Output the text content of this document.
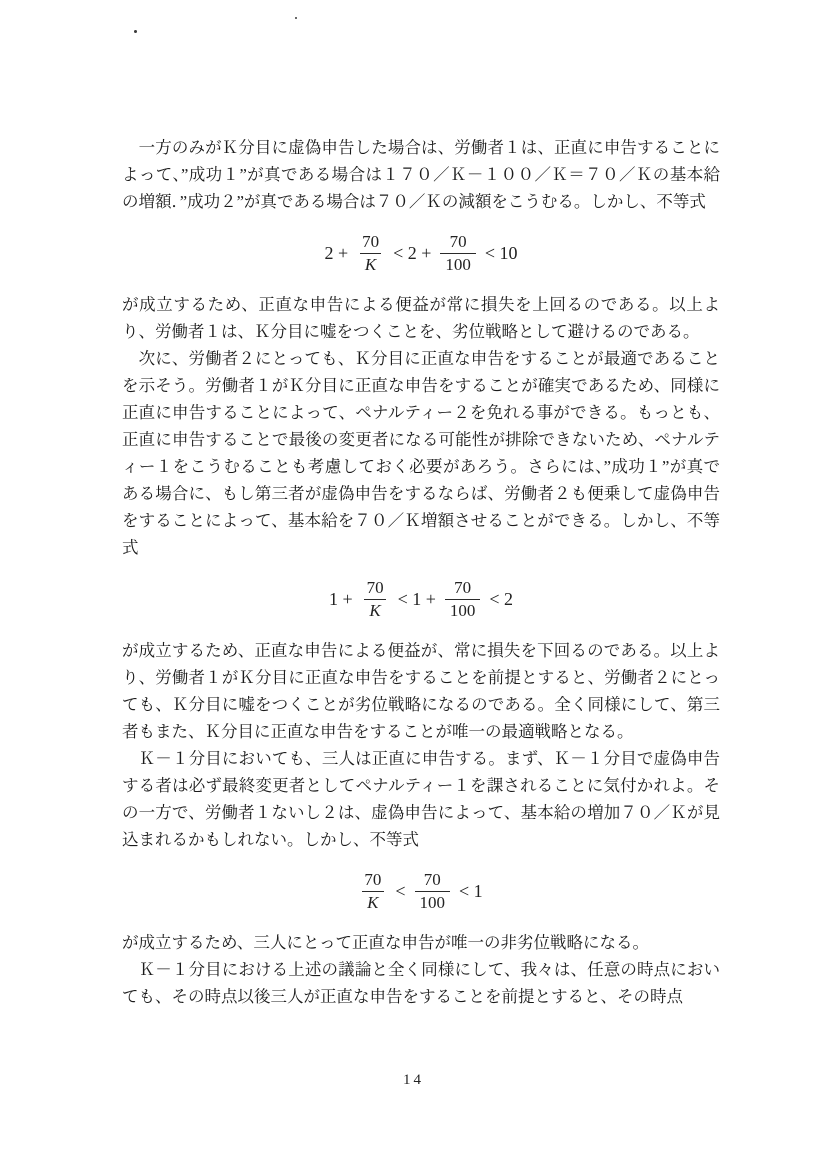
　一方のみがＫ分目に虚偽申告した場合は、労働者１は、正直に申告することによって、”成功１”が真である場合は１７０／Ｋ－１００／Ｋ＝７０／Ｋの基本給の増額．”成功２”が真である場合は７０／Ｋの減額をこうむる。しかし、不等式

$2 + \frac{70}{K} < 2 + \frac{70}{100} < 10$

が成立するため、正直な申告による便益が常に損失を上回るのである。以上より、労働者１は、Ｋ分目に嘘をつくことを、劣位戦略として避けるのである。

　次に、労働者２にとっても、Ｋ分目に正直な申告をすることが最適であることを示そう。労働者１がＫ分目に正直な申告をすることが確実であるため、同様に正直に申告することによって、ペナルティー２を免れる事ができる。もっとも、正直に申告することで最後の変更者になる可能性が排除できないため、ペナルティー１をこうむることも考慮しておく必要があろう。さらには、”成功１”が真である場合に、もし第三者が虚偽申告をするならば、労働者２も便乗して虚偽申告をすることによって、基本給を７０／Ｋ増額させることができる。しかし、不等式

$1 + \frac{70}{K} < 1 + \frac{70}{100} < 2$

が成立するため、正直な申告による便益が、常に損失を下回るのである。以上より、労働者１がＫ分目に正直な申告をすることを前提とすると、労働者２にとっても、Ｋ分目に嘘をつくことが劣位戦略になるのである。全く同様にして、第三者もまた、Ｋ分目に正直な申告をすることが唯一の最適戦略となる。

　Ｋ－１分目においても、三人は正直に申告する。まず、Ｋ－１分目で虚偽申告する者は必ず最終変更者としてペナルティー１を課されることに気付かれよ。その一方で、労働者１ないし２は、虚偽申告によって、基本給の増加７０／Ｋが見込まれるかもしれない。しかし、不等式

$\frac{70}{K} < \frac{70}{100} < 1$

が成立するため、三人にとって正直な申告が唯一の非劣位戦略になる。

　Ｋ－１分目における上述の議論と全く同様にして、我々は、任意の時点においても、その時点以後三人が正直な申告をすることを前提とすると、その時点

14
